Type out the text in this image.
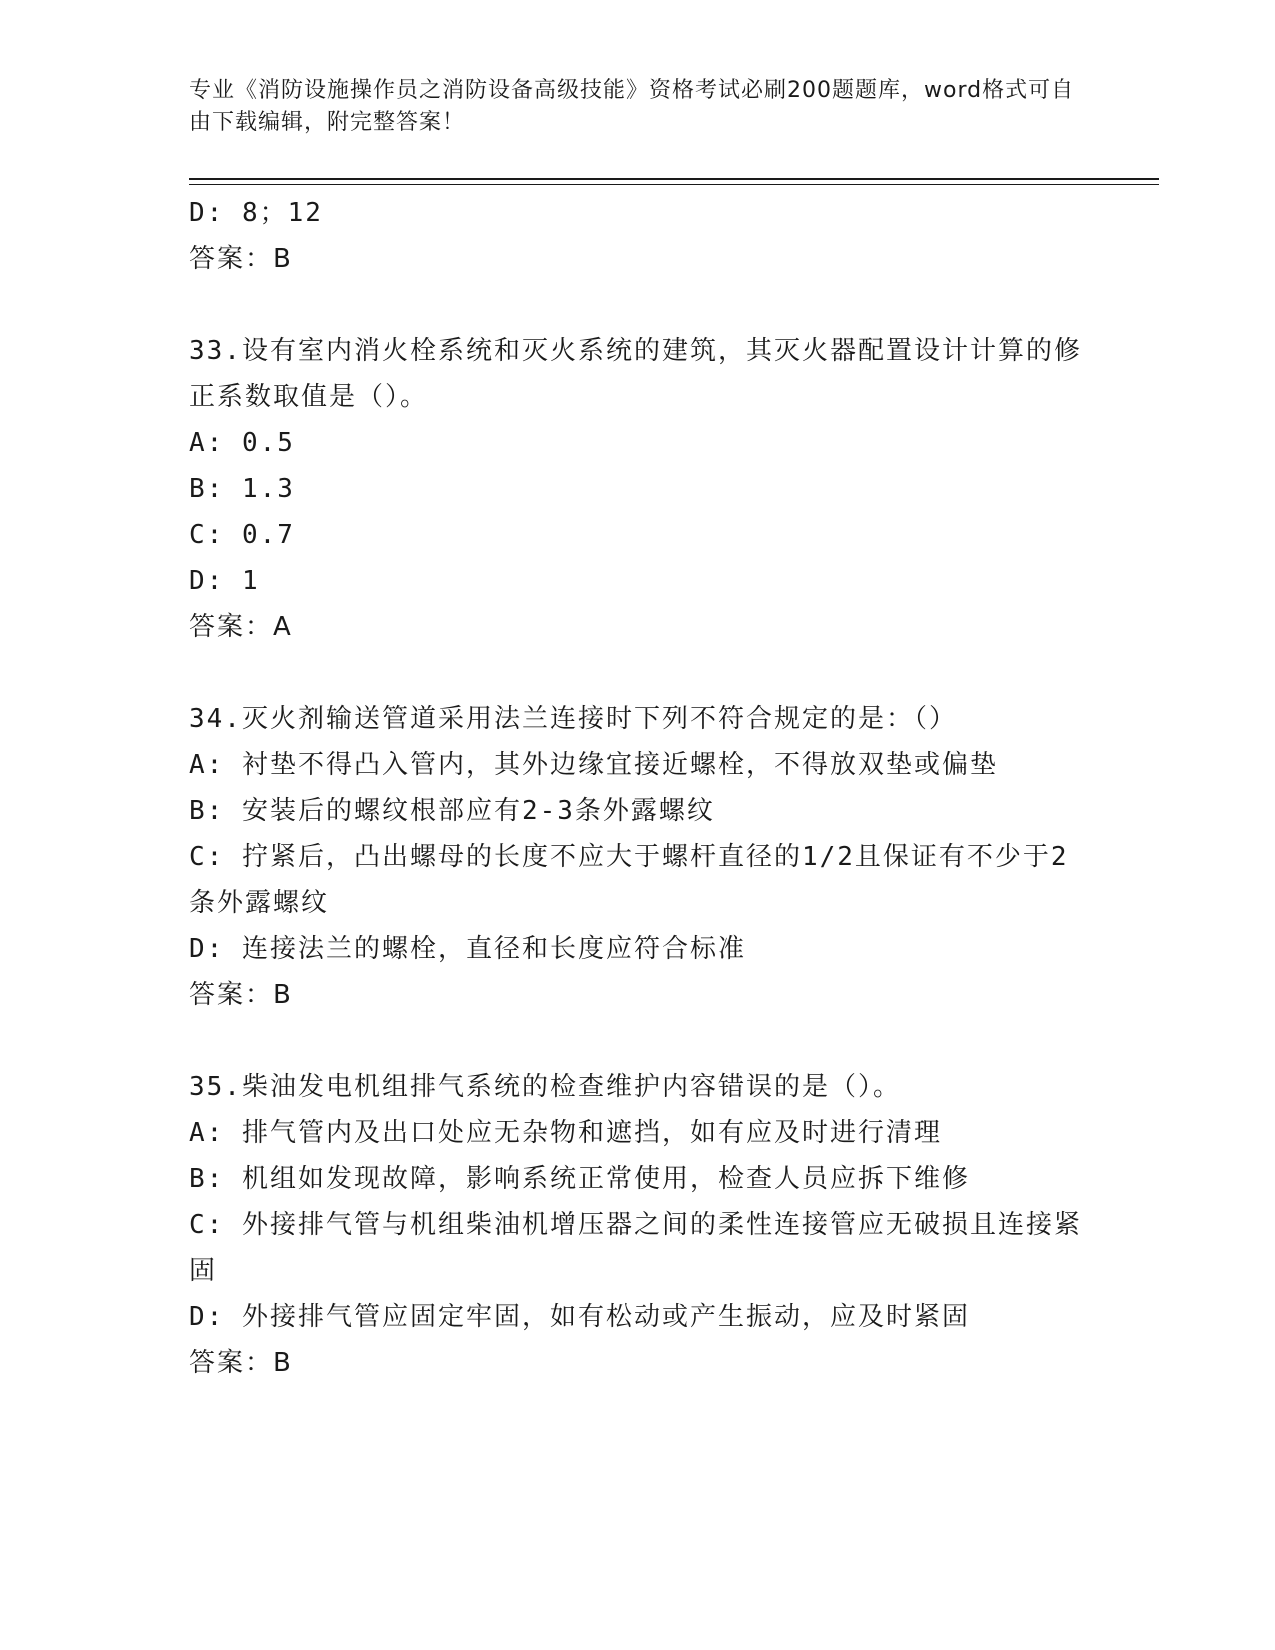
专业《消防设施操作员之消防设备高级技能》资格考试必刷200题题库，word格式可自由下载编辑，附完整答案！

D: 8；12

答案：B

33.设有室内消火栓系统和灭火系统的建筑，其灭火器配置设计计算的修正系数取值是（）。

A: 0.5

B: 1.3

C: 0.7

D: 1

答案：A

34.灭火剂输送管道采用法兰连接时下列不符合规定的是：（）

A: 衬垫不得凸入管内，其外边缘宜接近螺栓，不得放双垫或偏垫

B: 安装后的螺纹根部应有2-3条外露螺纹

C: 拧紧后，凸出螺母的长度不应大于螺杆直径的1/2且保证有不少于2条外露螺纹

D: 连接法兰的螺栓，直径和长度应符合标准

答案：B

35.柴油发电机组排气系统的检查维护内容错误的是（）。

A: 排气管内及出口处应无杂物和遮挡，如有应及时进行清理

B: 机组如发现故障，影响系统正常使用，检查人员应拆下维修

C: 外接排气管与机组柴油机增压器之间的柔性连接管应无破损且连接紧固

D: 外接排气管应固定牢固，如有松动或产生振动，应及时紧固

答案：B
